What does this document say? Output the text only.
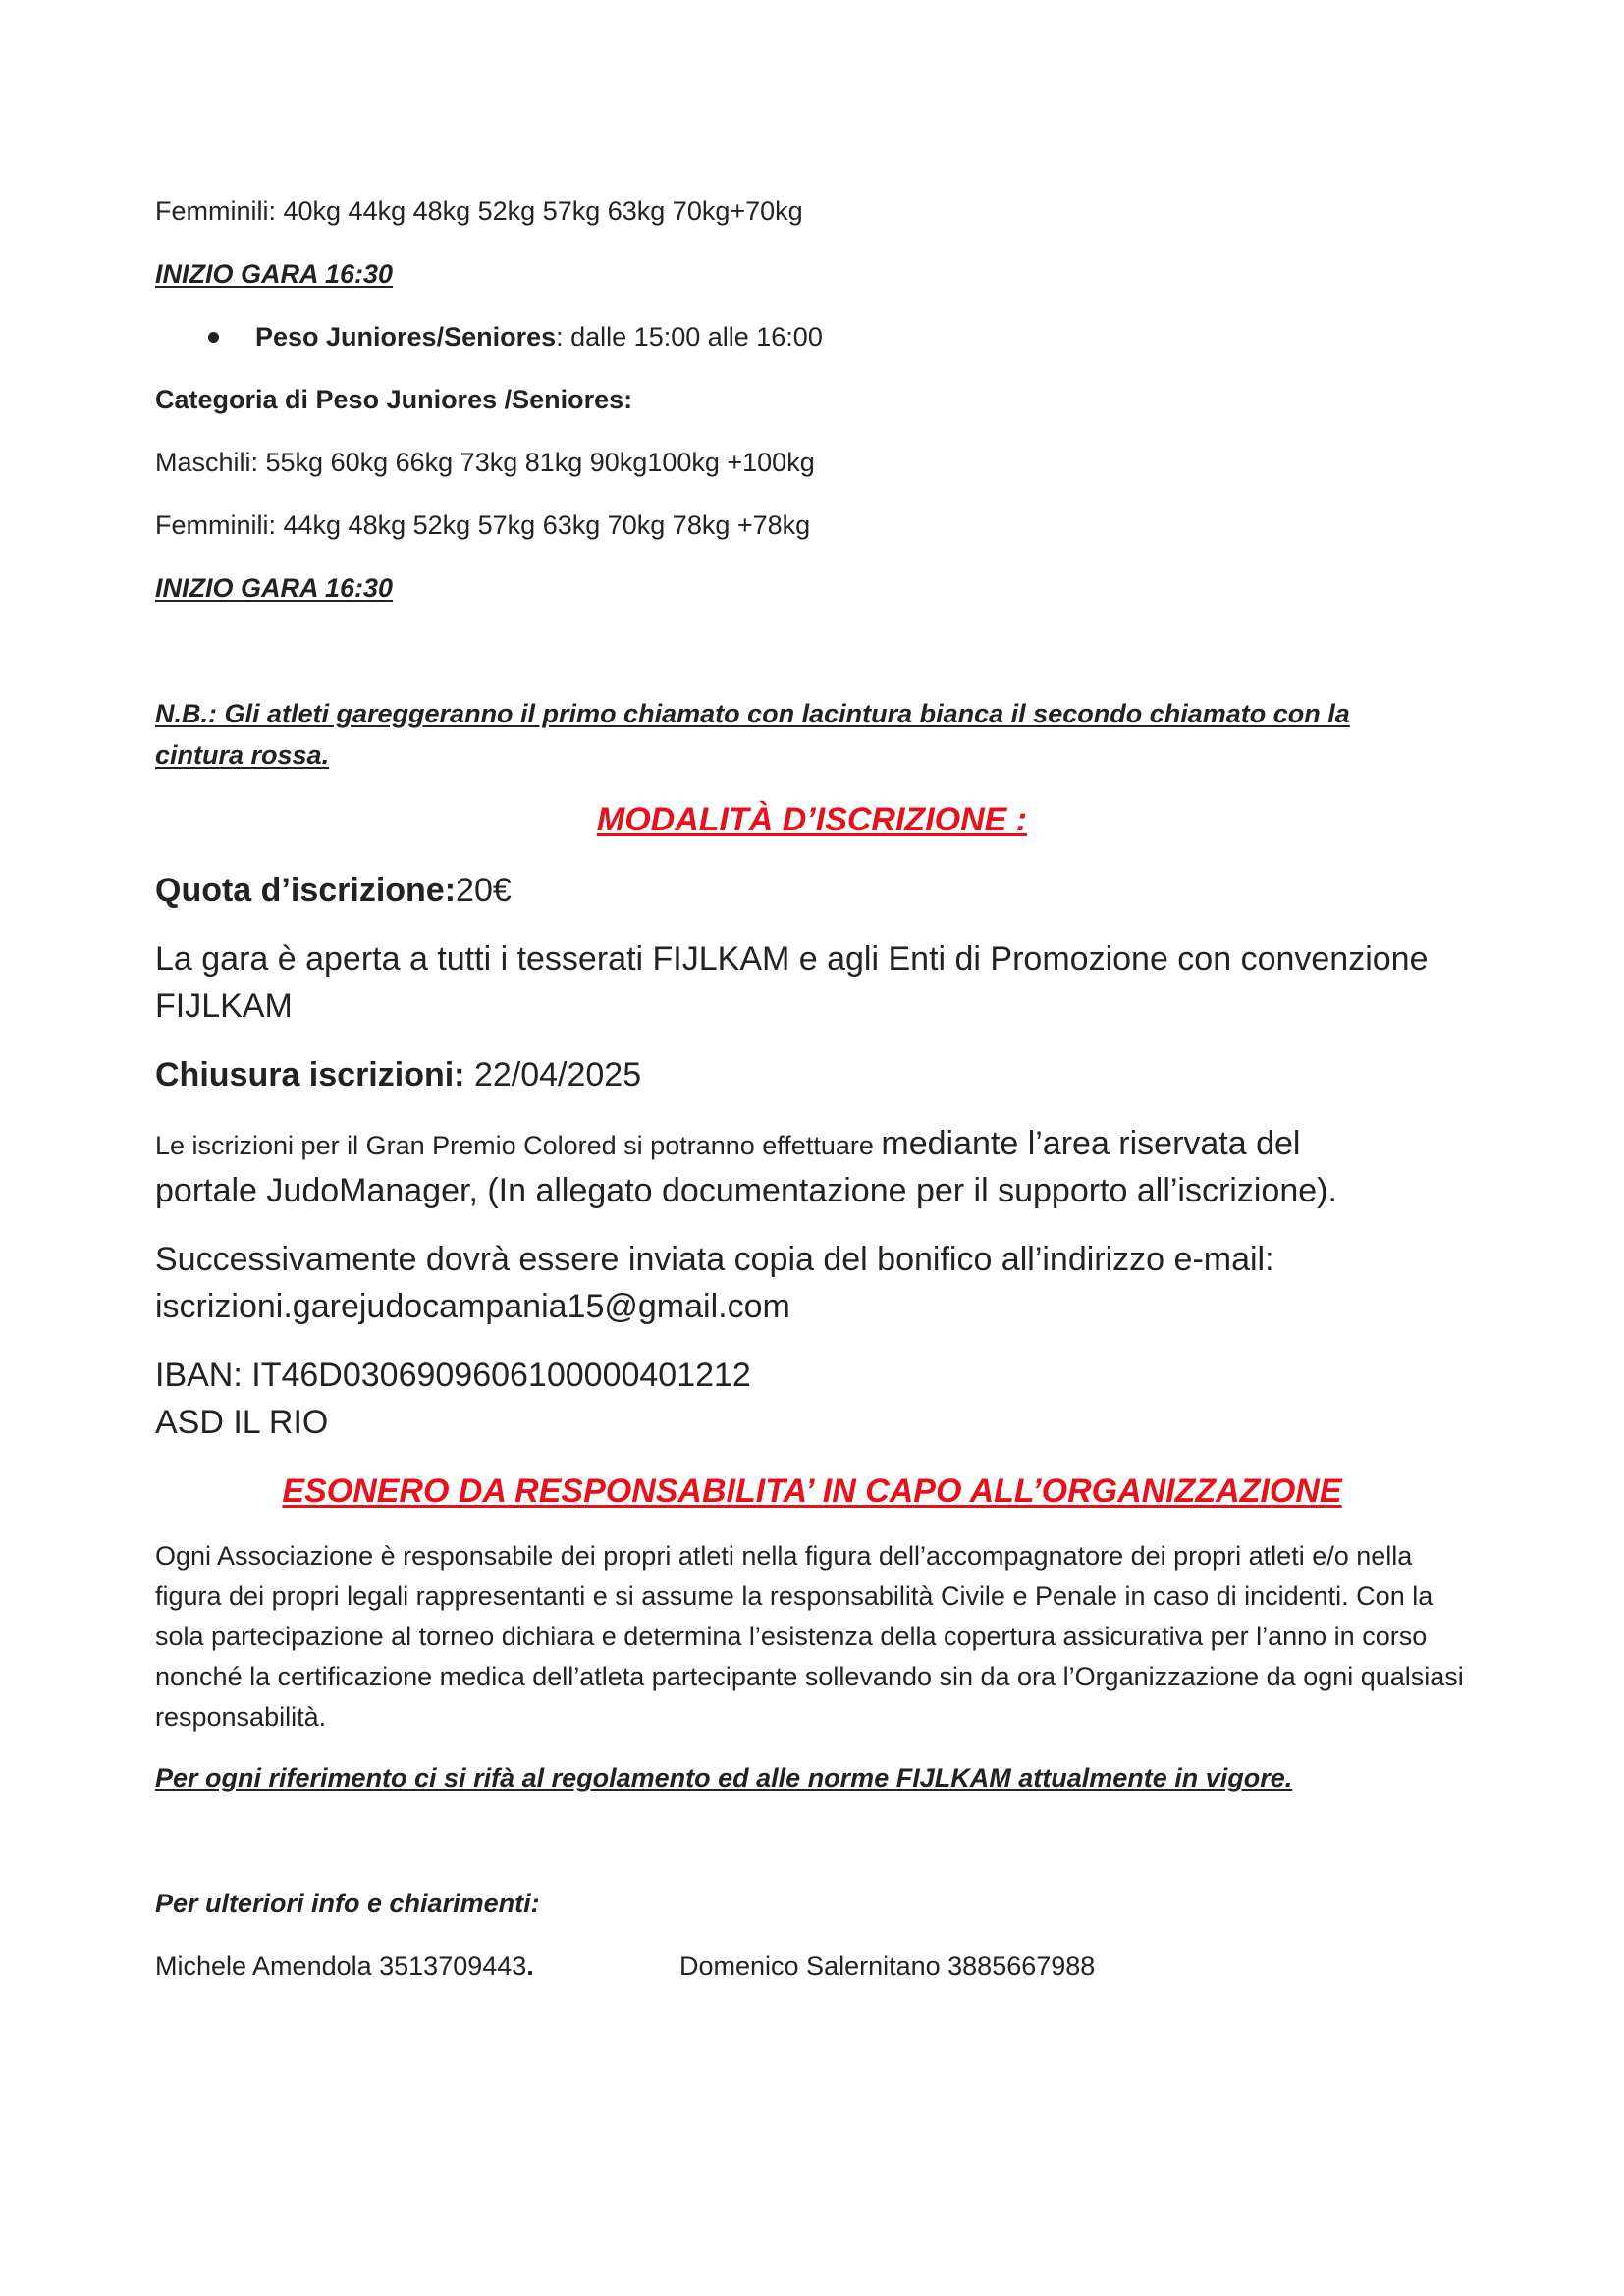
Femminili: 40kg 44kg 48kg 52kg 57kg 63kg 70kg+70kg
INIZIO GARA 16:30
Peso Juniores/Seniores: dalle 15:00 alle 16:00
Categoria di Peso Juniores /Seniores:
Maschili: 55kg 60kg 66kg 73kg 81kg 90kg100kg +100kg
Femminili: 44kg 48kg 52kg 57kg 63kg 70kg 78kg +78kg
INIZIO GARA 16:30
N.B.: Gli atleti gareggeranno il primo chiamato con lacintura bianca il secondo chiamato con la
cintura rossa.
MODALITÀ D’ISCRIZIONE :
Quota d’iscrizione:20€
La gara è aperta a tutti i tesserati FIJLKAM e agli Enti di Promozione con convenzione
FIJLKAM
Chiusura iscrizioni: 22/04/2025
Le iscrizioni per il Gran Premio Colored si potranno effettuare mediante l’area riservata del
portale JudoManager, (In allegato documentazione per il supporto all’iscrizione).
Successivamente dovrà essere inviata copia del bonifico all’indirizzo e-mail:
iscrizioni.garejudocampania15@gmail.com
IBAN: IT46D0306909606100000401212
ASD IL RIO
ESONERO DA RESPONSABILITA’ IN CAPO ALL’ORGANIZZAZIONE
Ogni Associazione è responsabile dei propri atleti nella figura dell’accompagnatore dei propri atleti e/o nella figura dei propri legali rappresentanti e si assume la responsabilità Civile e Penale in caso di incidenti. Con la sola partecipazione al torneo dichiara e determina l’esistenza della copertura assicurativa per l’anno in corso nonché la certificazione medica dell’atleta partecipante sollevando sin da ora l’Organizzazione da ogni qualsiasi responsabilità.
Per ogni riferimento ci si rifà al regolamento ed alle norme FIJLKAM attualmente in vigore.
Per ulteriori info e chiarimenti:
Michele Amendola 3513709443.	Domenico Salernitano 3885667988
